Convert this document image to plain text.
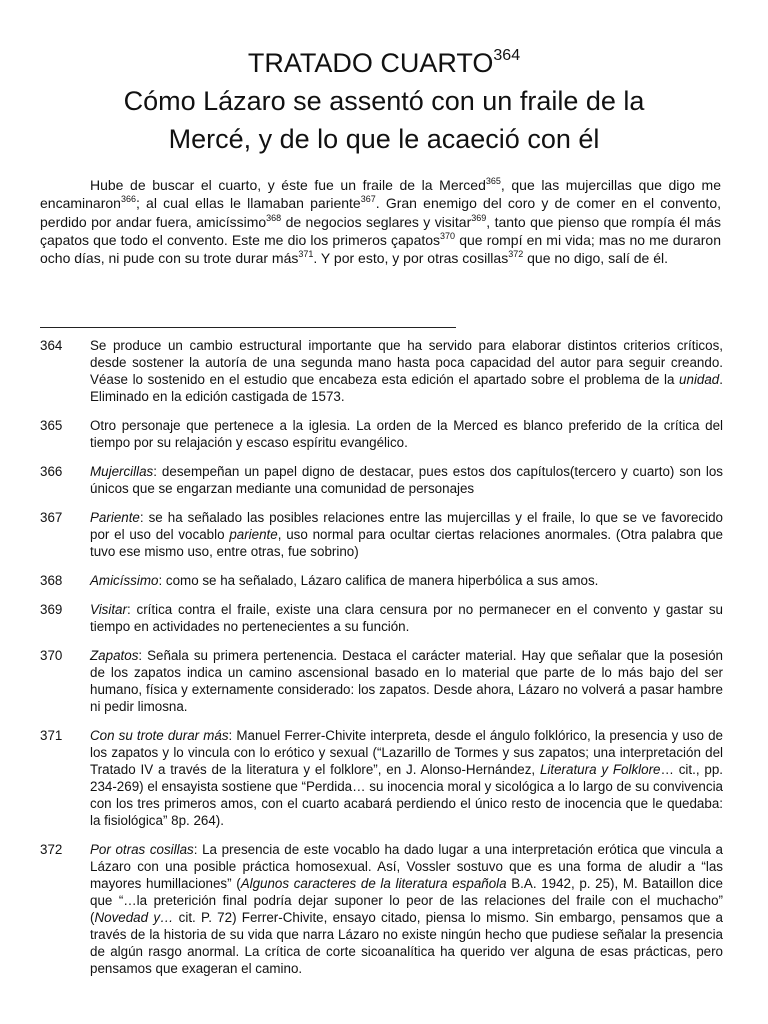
TRATADO CUARTO$^{364}$
Cómo Lázaro se assentó con un fraile de la
Mercé, y de lo que le acaeció con él

Hube de buscar el cuarto, y éste fue un fraile de la Merced$^{365}$, que las mujercillas que digo me encaminaron$^{366}$; al cual ellas le llamaban pariente$^{367}$. Gran enemigo del coro y de comer en el convento, perdido por andar fuera, amicíssimo$^{368}$ de negocios seglares y visitar$^{369}$, tanto que pienso que rompía él más çapatos que todo el convento. Este me dio los primeros çapatos$^{370}$ que rompí en mi vida; mas no me duraron ocho días, ni pude con su trote durar más$^{371}$. Y por esto, y por otras cosillas$^{372}$ que no digo, salí de él.

364	Se produce un cambio estructural importante que ha servido para elaborar distintos criterios críticos, desde sostener la autoría de una segunda mano hasta poca capacidad del autor para seguir creando. Véase lo sostenido en el estudio que encabeza esta edición el apartado sobre el problema de la unidad. Eliminado en la edición castigada de 1573.
365	Otro personaje que pertenece a la iglesia. La orden de la Merced es blanco preferido de la crítica del tiempo por su relajación y escaso espíritu evangélico.
366	Mujercillas: desempeñan un papel digno de destacar, pues estos dos capítulos(tercero y cuarto) son los únicos que se engarzan mediante una comunidad de personajes
367	Pariente: se ha señalado las posibles relaciones entre las mujercillas y el fraile, lo que se ve favorecido por el uso del vocablo pariente, uso normal para ocultar ciertas relaciones anormales. (Otra palabra que tuvo ese mismo uso, entre otras, fue sobrino)
368	Amicíssimo: como se ha señalado, Lázaro califica de manera hiperbólica a sus amos.
369	Visitar: crítica contra el fraile, existe una clara censura por no permanecer en el convento y gastar su tiempo en actividades no pertenecientes a su función.
370	Zapatos: Señala su primera pertenencia. Destaca el carácter material. Hay que señalar que la posesión de los zapatos indica un camino ascensional basado en lo material que parte de lo más bajo del ser humano, física y externamente considerado: los zapatos. Desde ahora, Lázaro no volverá a pasar hambre ni pedir limosna.
371	Con su trote durar más: Manuel Ferrer-Chivite interpreta, desde el ángulo folklórico, la presencia y uso de los zapatos y lo vincula con lo erótico y sexual (“Lazarillo de Tormes y sus zapatos; una interpretación del Tratado IV a través de la literatura y el folklore”, en J. Alonso-Hernández, Literatura y Folklore… cit., pp. 234-269) el ensayista sostiene que “Perdida… su inocencia moral y sicológica a lo largo de su convivencia con los tres primeros amos, con el cuarto acabará perdiendo el único resto de inocencia que le quedaba: la fisiológica” 8p. 264).
372	Por otras cosillas: La presencia de este vocablo ha dado lugar a una interpretación erótica que vincula a Lázaro con una posible práctica homosexual. Así, Vossler sostuvo que es una forma de aludir a “las mayores humillaciones” (Algunos caracteres de la literatura española B.A. 1942, p. 25), M. Bataillon dice que “…la preterición final podría dejar suponer lo peor de las relaciones del fraile con el muchacho” (Novedad y… cit. P. 72) Ferrer-Chivite, ensayo citado, piensa lo mismo. Sin embargo, pensamos que a través de la historia de su vida que narra Lázaro no existe ningún hecho que pudiese señalar la presencia de algún rasgo anormal. La crítica de corte sicoanalítica ha querido ver alguna de esas prácticas, pero pensamos que exageran el camino.
